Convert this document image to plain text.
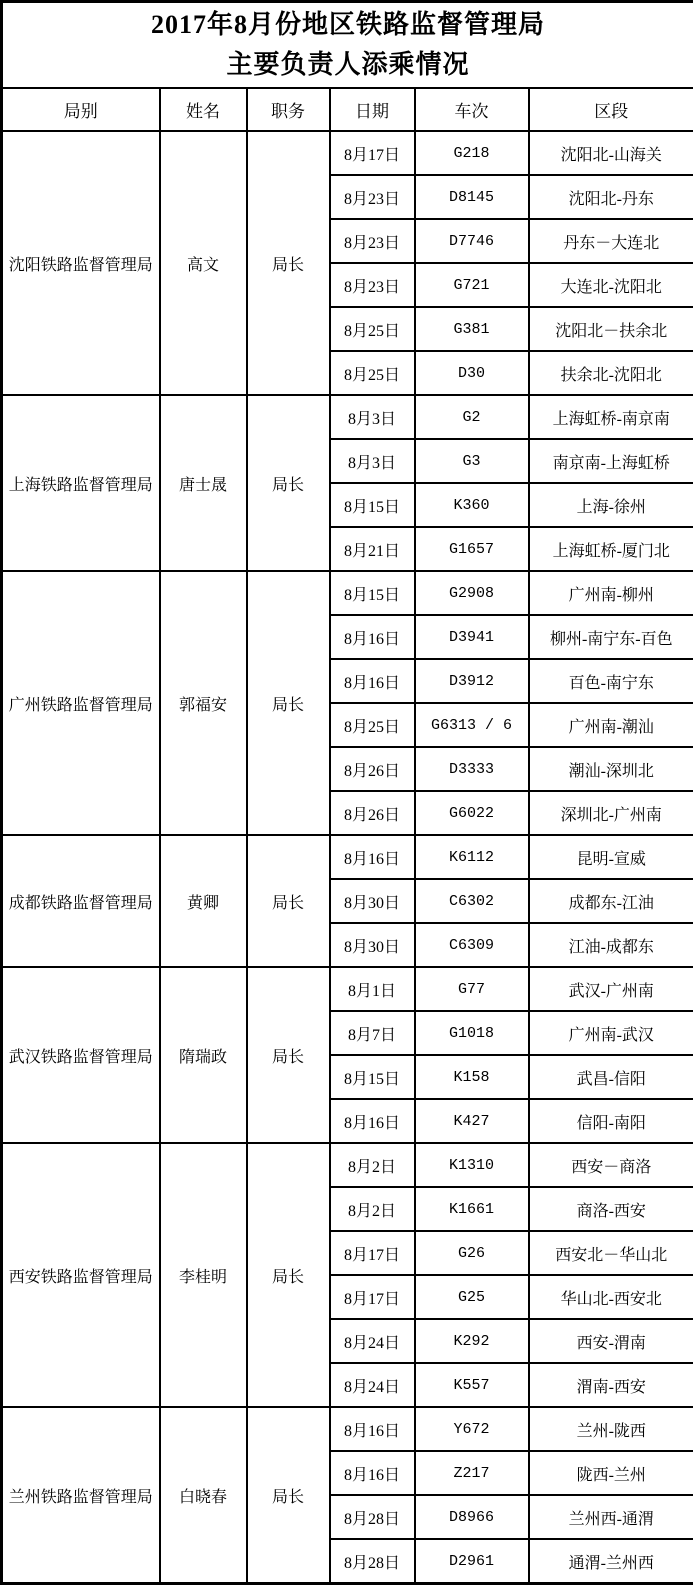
2017年8月份地区铁路监督管理局
主要负责人添乘情况					

局别	姓名	职务	日期	车次	区段
沈阳铁路监督管理局	高文	局长	8月17日	G218	沈阳北-山海关
			8月23日	D8145	沈阳北-丹东
			8月23日	D7746	丹东－大连北
			8月23日	G721	大连北-沈阳北
			8月25日	G381	沈阳北－扶余北
			8月25日	D30	扶余北-沈阳北
上海铁路监督管理局	唐士晟	局长	8月3日	G2	上海虹桥-南京南
			8月3日	G3	南京南-上海虹桥
			8月15日	K360	上海-徐州
			8月21日	G1657	上海虹桥-厦门北
广州铁路监督管理局	郭福安	局长	8月15日	G2908	广州南-柳州
			8月16日	D3941	柳州-南宁东-百色
			8月16日	D3912	百色-南宁东
			8月25日	G6313 / 6	广州南-潮汕
			8月26日	D3333	潮汕-深圳北
			8月26日	G6022	深圳北-广州南
成都铁路监督管理局	黄卿	局长	8月16日	K6112	昆明-宣威
			8月30日	C6302	成都东-江油
			8月30日	C6309	江油-成都东
武汉铁路监督管理局	隋瑞政	局长	8月1日	G77	武汉-广州南
			8月7日	G1018	广州南-武汉
			8月15日	K158	武昌-信阳
			8月16日	K427	信阳-南阳
西安铁路监督管理局	李桂明	局长	8月2日	K1310	西安－商洛
			8月2日	K1661	商洛-西安
			8月17日	G26	西安北－华山北
			8月17日	G25	华山北-西安北
			8月24日	K292	西安-渭南
			8月24日	K557	渭南-西安
兰州铁路监督管理局	白晓春	局长	8月16日	Y672	兰州-陇西
			8月16日	Z217	陇西-兰州
			8月28日	D8966	兰州西-通渭
			8月28日	D2961	通渭-兰州西
